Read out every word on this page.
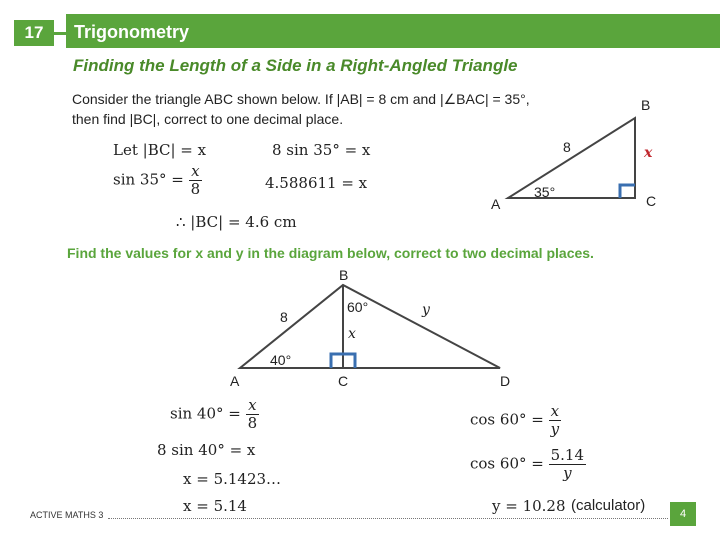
17	Trigonometry
Finding the Length of a Side in a Right-Angled Triangle
Consider the triangle ABC shown below. If |AB| = 8 cm and |∠BAC| = 35°,
then find |BC|, correct to one decimal place.
Let |BC| = x
$\sin 35^\circ = \frac{x}{8}$
8 sin 35° = x
4.588611 = x
∴ |BC| = 4.6 cm
B
8	x
A
35°
C
Find the values for x and y in the diagram below, correct to two decimal places.
B
8
60°	y
x
40°
A	C	D
$\sin 40^\circ = \frac{x}{8}$
8 sin 40° = x
x = 5.1423…
x = 5.14
$\cos 60^\circ = \frac{x}{y}$
$\cos 60^\circ = \frac{5.14}{y}$
y = 10.28 (calculator)
ACTIVE MATHS 3	4
